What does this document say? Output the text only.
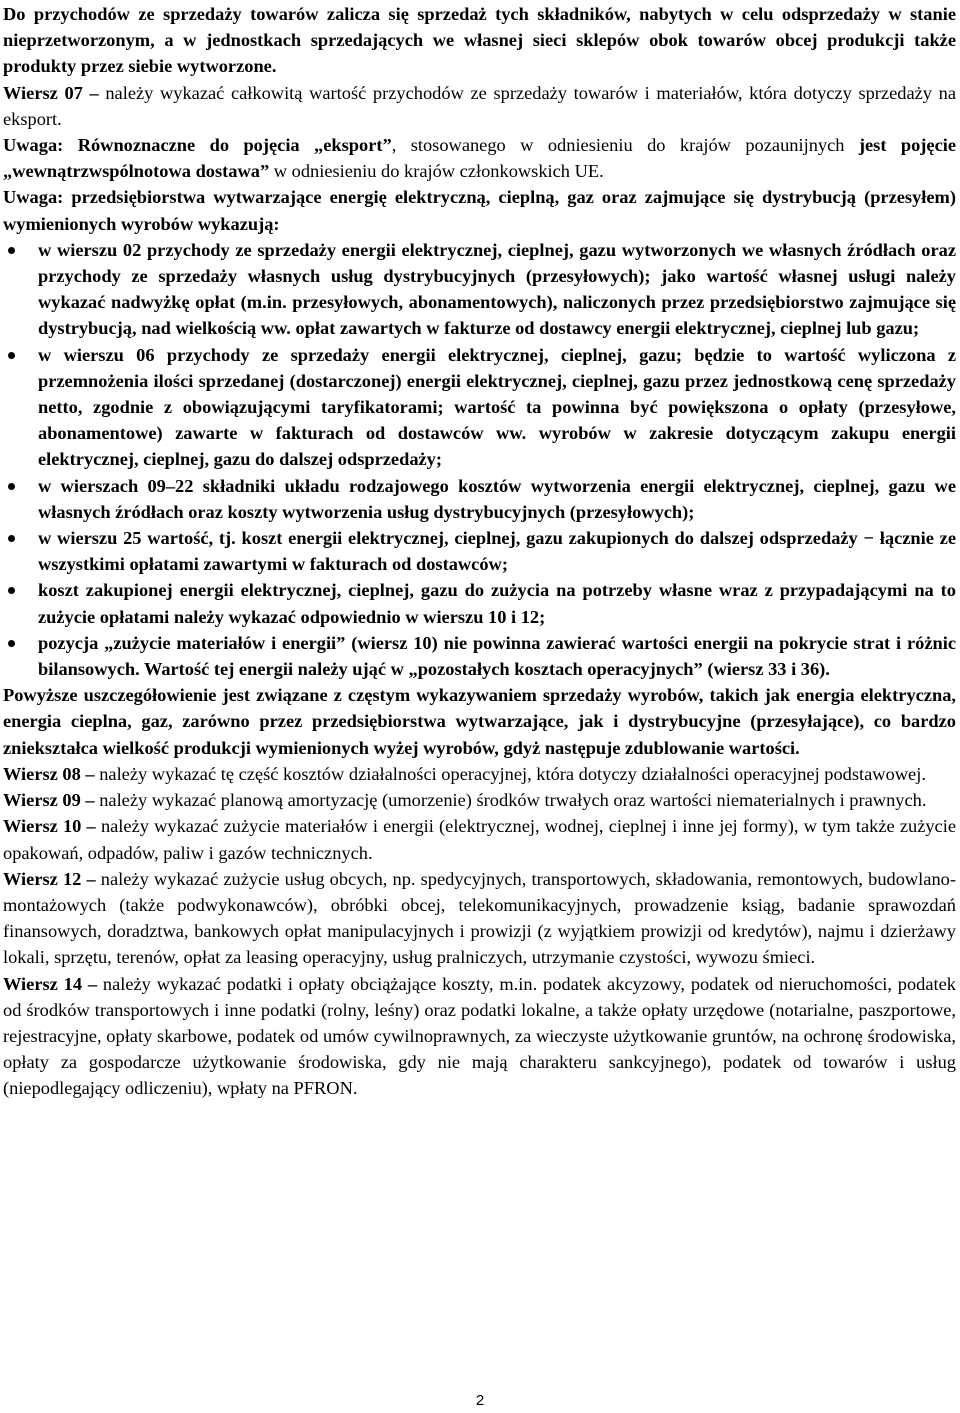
Do przychodów ze sprzedaży towarów zalicza się sprzedaż tych składników, nabytych w celu odsprzedaży w stanie nieprzetworzonym, a w jednostkach sprzedających we własnej sieci sklepów obok towarów obcej produkcji także produkty przez siebie wytworzone.

Wiersz 07 – należy wykazać całkowitą wartość przychodów ze sprzedaży towarów i materiałów, która dotyczy sprzedaży na eksport.

Uwaga: Równoznaczne do pojęcia „eksport”, stosowanego w odniesieniu do krajów pozaunijnych jest pojęcie „wewnątrzwspólnotowa dostawa” w odniesieniu do krajów członkowskich UE.

Uwaga: przedsiębiorstwa wytwarzające energię elektryczną, cieplną, gaz oraz zajmujące się dystrybucją (przesyłem) wymienionych wyrobów wykazują:

w wierszu 02 przychody ze sprzedaży energii elektrycznej, cieplnej, gazu wytworzonych we własnych źródłach oraz przychody ze sprzedaży własnych usług dystrybucyjnych (przesyłowych); jako wartość własnej usługi należy wykazać nadwyżkę opłat (m.in. przesyłowych, abonamentowych), naliczonych przez przedsiębiorstwo zajmujące się dystrybucją, nad wielkością ww. opłat zawartych w fakturze od dostawcy energii elektrycznej, cieplnej lub gazu;
w wierszu 06 przychody ze sprzedaży energii elektrycznej, cieplnej, gazu; będzie to wartość wyliczona z przemnożenia ilości sprzedanej (dostarczonej) energii elektrycznej, cieplnej, gazu przez jednostkową cenę sprzedaży netto, zgodnie z obowiązującymi taryfikatorami; wartość ta powinna być powiększona o opłaty (przesyłowe, abonamentowe) zawarte w fakturach od dostawców ww. wyrobów w zakresie dotyczącym zakupu energii elektrycznej, cieplnej, gazu do dalszej odsprzedaży;
w wierszach 09–22 składniki układu rodzajowego kosztów wytworzenia energii elektrycznej, cieplnej, gazu we własnych źródłach oraz koszty wytworzenia usług dystrybucyjnych (przesyłowych);
w wierszu 25 wartość, tj. koszt energii elektrycznej, cieplnej, gazu zakupionych do dalszej odsprzedaży − łącznie ze wszystkimi opłatami zawartymi w fakturach od dostawców;
koszt zakupionej energii elektrycznej, cieplnej, gazu do zużycia na potrzeby własne wraz z przypadającymi na to zużycie opłatami należy wykazać odpowiednio w wierszu 10 i 12;
pozycja „zużycie materiałów i energii” (wiersz 10) nie powinna zawierać wartości energii na pokrycie strat i różnic bilansowych. Wartość tej energii należy ująć w „pozostałych kosztach operacyjnych” (wiersz 33 i 36).

Powyższe uszczegółowienie jest związane z częstym wykazywaniem sprzedaży wyrobów, takich jak energia elektryczna, energia cieplna, gaz, zarówno przez przedsiębiorstwa wytwarzające, jak i dystrybucyjne (przesyłające), co bardzo zniekształca wielkość produkcji wymienionych wyżej wyrobów, gdyż następuje zdublowanie wartości.

Wiersz 08 – należy wykazać tę część kosztów działalności operacyjnej, która dotyczy działalności operacyjnej podstawowej.

Wiersz 09 – należy wykazać planową amortyzację (umorzenie) środków trwałych oraz wartości niematerialnych i prawnych.

Wiersz 10 – należy wykazać zużycie materiałów i energii (elektrycznej, wodnej, cieplnej i inne jej formy), w tym także zużycie opakowań, odpadów, paliw i gazów technicznych.

Wiersz 12 – należy wykazać zużycie usług obcych, np. spedycyjnych, transportowych, składowania, remontowych, budowlano-montażowych (także podwykonawców), obróbki obcej, telekomunikacyjnych, prowadzenie ksiąg, badanie sprawozdań finansowych, doradztwa, bankowych opłat manipulacyjnych i prowizji (z wyjątkiem prowizji od kredytów), najmu i dzierżawy lokali, sprzętu, terenów, opłat za leasing operacyjny, usług pralniczych, utrzymanie czystości, wywozu śmieci.

Wiersz 14 – należy wykazać podatki i opłaty obciążające koszty, m.in. podatek akcyzowy, podatek od nieruchomości, podatek od środków transportowych i inne podatki (rolny, leśny) oraz podatki lokalne, a także opłaty urzędowe (notarialne, paszportowe, rejestracyjne, opłaty skarbowe, podatek od umów cywilnoprawnych, za wieczyste użytkowanie gruntów, na ochronę środowiska, opłaty za gospodarcze użytkowanie środowiska, gdy nie mają charakteru sankcyjnego), podatek od towarów i usług (niepodlegający odliczeniu), wpłaty na PFRON.

2
